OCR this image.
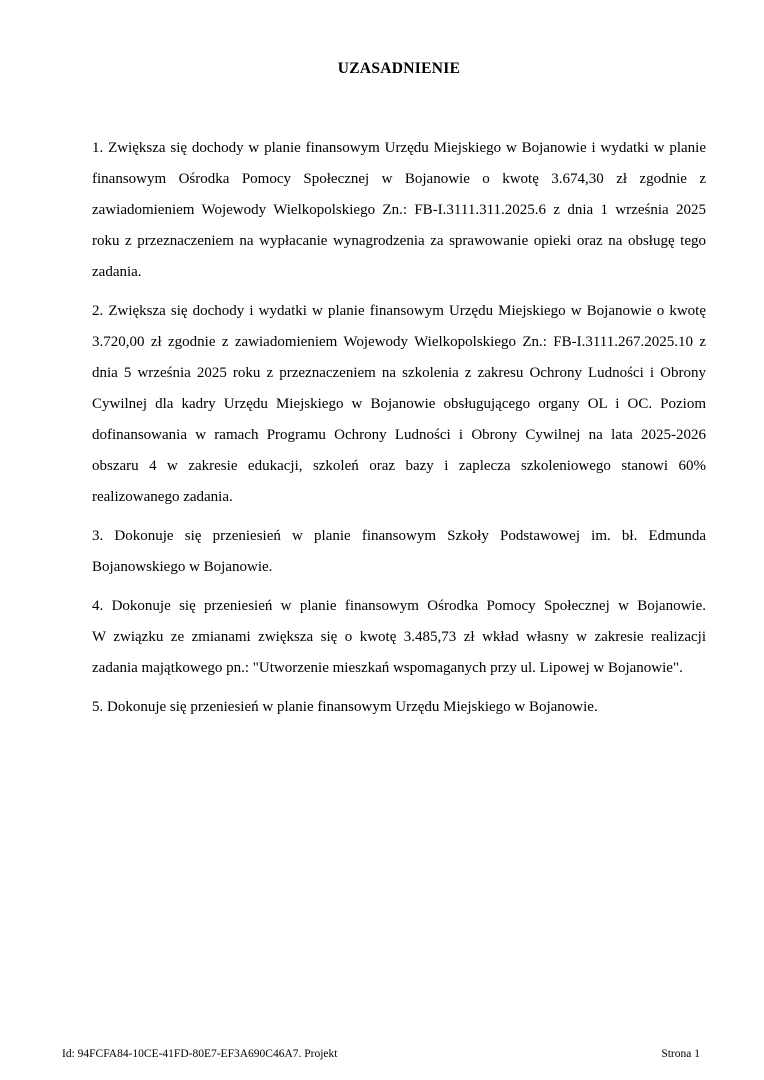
UZASADNIENIE
1. Zwiększa się dochody w planie finansowym Urzędu Miejskiego w Bojanowie i wydatki w planie
finansowym Ośrodka Pomocy Społecznej w Bojanowie o kwotę 3.674,30 zł zgodnie z
zawiadomieniem Wojewody Wielkopolskiego Zn.: FB-I.3111.311.2025.6 z dnia 1 września 2025
roku z przeznaczeniem na wypłacanie wynagrodzenia za sprawowanie opieki oraz na obsługę tego
zadania.
2. Zwiększa się dochody i wydatki w planie finansowym Urzędu Miejskiego w Bojanowie o kwotę
3.720,00 zł zgodnie z zawiadomieniem Wojewody Wielkopolskiego Zn.: FB-I.3111.267.2025.10 z
dnia 5 września 2025 roku z przeznaczeniem na szkolenia z zakresu Ochrony Ludności i Obrony
Cywilnej dla kadry Urzędu Miejskiego w Bojanowie obsługującego organy OL i OC. Poziom
dofinansowania w ramach Programu Ochrony Ludności i Obrony Cywilnej na lata 2025-2026
obszaru 4 w zakresie edukacji, szkoleń oraz bazy i zaplecza szkoleniowego stanowi 60%
realizowanego zadania.
3. Dokonuje się przeniesień w planie finansowym Szkoły Podstawowej im. bł. Edmunda
Bojanowskiego w Bojanowie.
4. Dokonuje się przeniesień w planie finansowym Ośrodka Pomocy Społecznej w Bojanowie.
W związku ze zmianami zwiększa się o kwotę 3.485,73 zł wkład własny w zakresie realizacji
zadania majątkowego pn.: "Utworzenie mieszkań wspomaganych przy ul. Lipowej w Bojanowie".
5. Dokonuje się przeniesień w planie finansowym Urzędu Miejskiego w Bojanowie.
Id: 94FCFA84-10CE-41FD-80E7-EF3A690C46A7. Projekt	Strona 1
